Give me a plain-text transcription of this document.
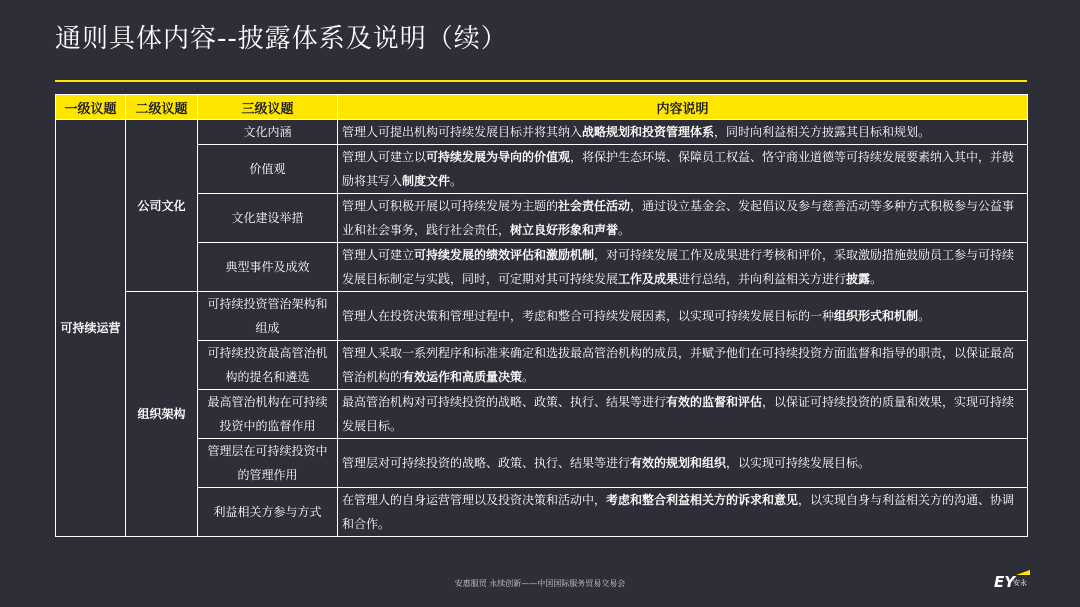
通则具体内容--披露体系及说明（续）
一级议题	二级议题	三级议题	内容说明
可持续运营	公司文化	文化内涵	管理人可提出机构可持续发展目标并将其纳入战略规划和投资管理体系，同时向利益相关方披露其目标和规划。
		价值观	管理人可建立以可持续发展为导向的价值观，将保护生态环境、保障员工权益、恪守商业道德等可持续发展要素纳入其中，并鼓励将其写入制度文件。
		文化建设举措	管理人可积极开展以可持续发展为主题的社会责任活动，通过设立基金会、发起倡议及参与慈善活动等多种方式积极参与公益事业和社会事务，践行社会责任，树立良好形象和声誉。
		典型事件及成效	管理人可建立可持续发展的绩效评估和激励机制，对可持续发展工作及成果进行考核和评价，采取激励措施鼓励员工参与可持续发展目标制定与实践，同时，可定期对其可持续发展工作及成果进行总结，并向利益相关方进行披露。
	组织架构	可持续投资管治架构和组成	管理人在投资决策和管理过程中，考虑和整合可持续发展因素，以实现可持续发展目标的一种组织形式和机制。
		可持续投资最高管治机构的提名和遴选	管理人采取一系列程序和标准来确定和选拔最高管治机构的成员，并赋予他们在可持续投资方面监督和指导的职责，以保证最高管治机构的有效运作和高质量决策。
		最高管治机构在可持续投资中的监督作用	最高管治机构对可持续投资的战略、政策、执行、结果等进行有效的监督和评估，以保证可持续投资的质量和效果，实现可持续发展目标。
		管理层在可持续投资中的管理作用	管理层对可持续投资的战略、政策、执行、结果等进行有效的规划和组织，以实现可持续发展目标。
		利益相关方参与方式	在管理人的自身运营管理以及投资决策和活动中，考虑和整合利益相关方的诉求和意见，以实现自身与利益相关方的沟通、协调和合作。
安惠服贸 永续创新——中国国际服务贸易交易会	EY
安永
